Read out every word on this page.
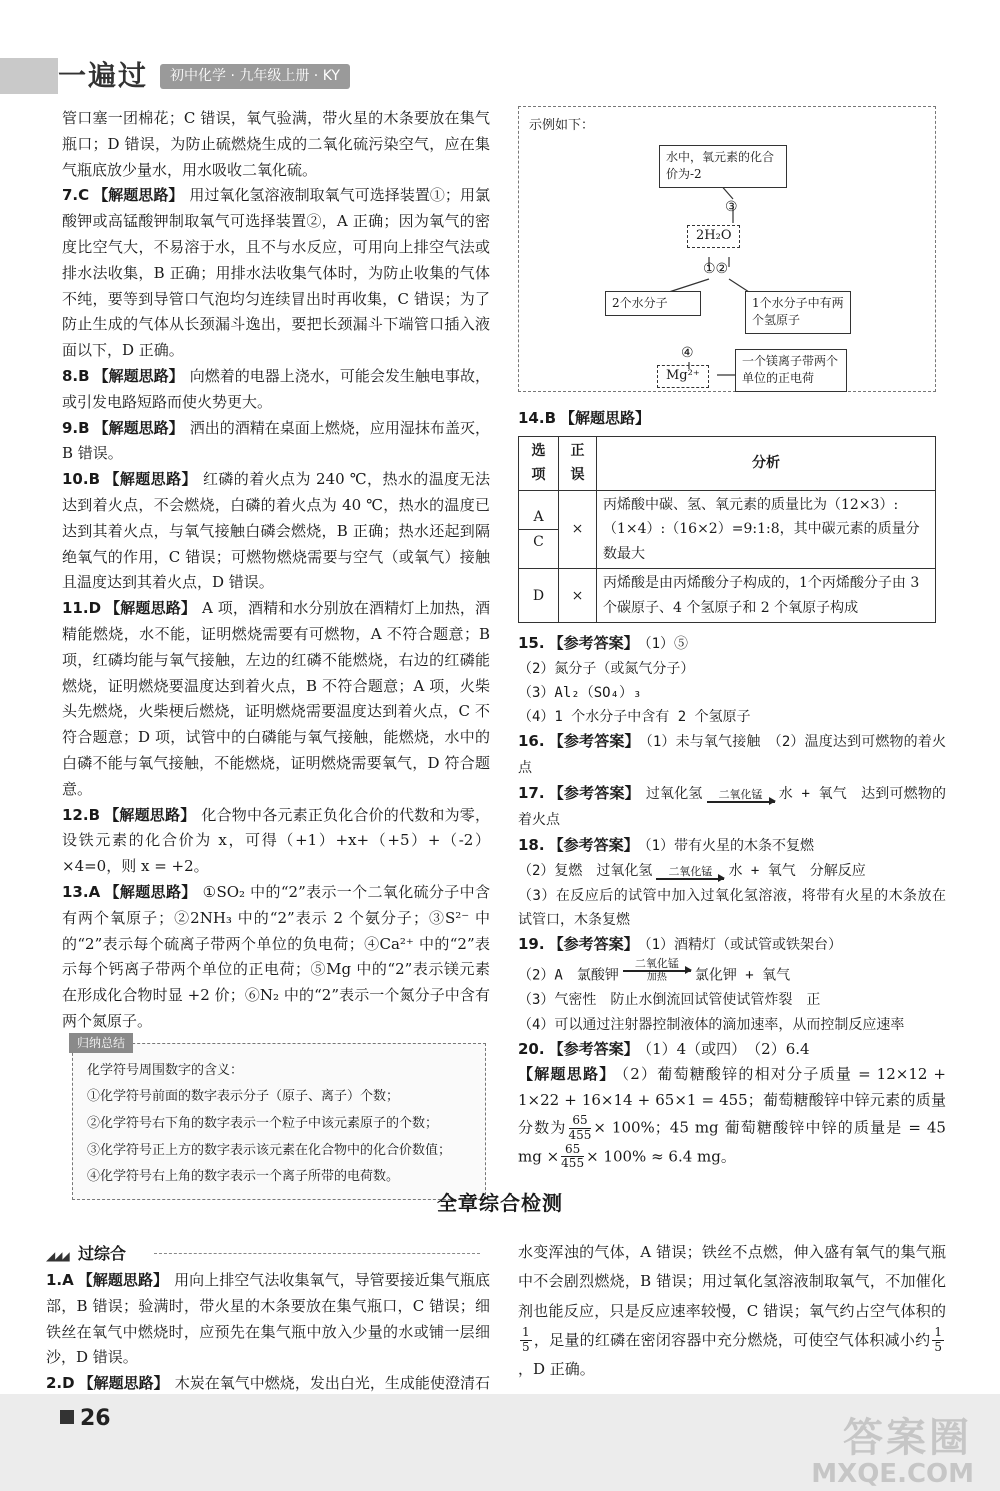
一遍过	初中化学 · 九年级上册 · KY

管口塞一团棉花；C 错误，氧气验满，带火星的木条要放在集气瓶口；D 错误，为防止硫燃烧生成的二氧化硫污染空气，应在集气瓶底放少量水，用水吸收二氧化硫。

7.C 【解题思路】 用过氧化氢溶液制取氧气可选择装置①；用氯酸钾或高锰酸钾制取氧气可选择装置②，A 正确；因为氧气的密度比空气大，不易溶于水，且不与水反应，可用向上排空气法或排水法收集，B 正确；用排水法收集气体时，为防止收集的气体不纯，要等到导管口气泡均匀连续冒出时再收集，C 错误；为了防止生成的气体从长颈漏斗逸出，要把长颈漏斗下端管口插入液面以下，D 正确。

8.B 【解题思路】 向燃着的电器上浇水，可能会发生触电事故，或引发电路短路而使火势更大。

9.B 【解题思路】 洒出的酒精在桌面上燃烧，应用湿抹布盖灭，B 错误。

10.B 【解题思路】 红磷的着火点为 240 ℃，热水的温度无法达到着火点，不会燃烧，白磷的着火点为 40 ℃，热水的温度已达到其着火点，与氧气接触白磷会燃烧，B 正确；热水还起到隔绝氧气的作用，C 错误；可燃物燃烧需要与空气（或氧气）接触且温度达到其着火点，D 错误。

11.D 【解题思路】 A 项，酒精和水分别放在酒精灯上加热，酒精能燃烧，水不能，证明燃烧需要有可燃物，A 不符合题意；B 项，红磷均能与氧气接触，左边的红磷不能燃烧，右边的红磷能燃烧，证明燃烧要温度达到着火点，B 不符合题意；A 项，火柴头先燃烧，火柴梗后燃烧，证明燃烧需要温度达到着火点，C 不符合题意；D 项，试管中的白磷能与氧气接触，能燃烧，水中的白磷不能与氧气接触，不能燃烧，证明燃烧需要氧气，D 符合题意。

12.B 【解题思路】 化合物中各元素正负化合价的代数和为零，设铁元素的化合价为 x，可得（+1）+x+（+5）+（-2）×4=0，则 x = +2。

13.A 【解题思路】 ①SO₂ 中的“2”表示一个二氧化硫分子中含有两个氧原子；②2NH₃ 中的“2”表示 2 个氨分子；③S²⁻ 中的“2”表示每个硫离子带两个单位的负电荷；④Ca²⁺ 中的“2”表示每个钙离子带两个单位的正电荷；⑤Mg 中的“2”表示镁元素在形成化合物时显 +2 价；⑥N₂ 中的“2”表示一个氮分子中含有两个氮原子。

归纳总结
化学符号周围数字的含义：
①化学符号前面的数字表示分子（原子、离子）个数；
②化学符号右下角的数字表示一个粒子中该元素原子的个数；
③化学符号正上方的数字表示该元素在化合物中的化合价数值；
④化学符号右上角的数字表示一个离子所带的电荷数。
示例如下：
水中，氧元素的化合价为-2
③
2H₂O
①②
2个水分子	1个水分子中有两个氢原子
④
Mg²⁺
一个镁离子带两个单位的正电荷

14.B 【解题思路】

选项	正误	分析

A
C	×	丙烯酸中碳、氢、氧元素的质量比为（12×3）:（1×4）:（16×2）=9:1:8，其中碳元素的质量分数最大
D	×	丙烯酸是由丙烯酸分子构成的，1个丙烯酸分子由 3 个碳原子、4 个氢原子和 2 个氧原子构成

15. 【参考答案】 （1）⑤

（2）氮分子（或氮气分子）

（3）Al₂（SO₄）₃

（4）1 个水分子中含有 2 个氢原子

16. 【参考答案】 （1）未与氧气接触　（2）温度达到可燃物的着火点

17. 【参考答案】 过氧化氢	二氧化锰	水 + 氧气　达到可燃物的着火点

18. 【参考答案】 （1）带有火星的木条不复燃

（2）复燃　过氧化氢	二氧化锰	水 + 氧气　分解反应

（3）在反应后的试管中加入过氧化氢溶液，将带有火星的木条放在试管口，木条复燃

19. 【参考答案】 （1）酒精灯（或试管或铁架台）

（2）A　氯酸钾
二氧化锰
加热	氯化钾 + 氧气

（3）气密性　防止水倒流回试管使试管炸裂　正

（4）可以通过注射器控制液体的滴加速率，从而控制反应速率

20. 【参考答案】 （1）4（或四）　（2）6.4

【解题思路】 （2）葡萄糖酸锌的相对分子质量 = 12×12 + 1×22 + 16×14 + 65×1 = 455；葡萄糖酸锌中锌元素的质量分数为 $\frac{65}{455} \times 100\%$；45 mg 葡萄糖酸锌中锌的质量是 = 45 mg × $\frac{65}{455} \times 100\% \approx 6.4$ mg。

全章综合检测
◢◢◢ 过综合

1.A 【解题思路】 用向上排空气法收集氧气，导管要接近集气瓶底部，B 错误；验满时，带火星的木条要放在集气瓶口，C 错误；细铁丝在氧气中燃烧时，应预先在集气瓶中放入少量的水或铺一层细沙，D 错误。

2.D 【解题思路】 木炭在氧气中燃烧，发出白光，生成能使澄清石

水变浑浊的气体，A 错误；铁丝不点燃，伸入盛有氧气的集气瓶中不会剧烈燃烧，B 错误；用过氧化氢溶液制取氧气，不加催化剂也能反应，只是反应速率较慢，C 错误；氧气约占空气体积的
$\frac{1}{5}$ ，足量的红磷在密闭容器中充分燃烧，可使空气体积减小约 $\frac{1}{5}$
，D 正确。

26	答案圈
MXQE.COM
